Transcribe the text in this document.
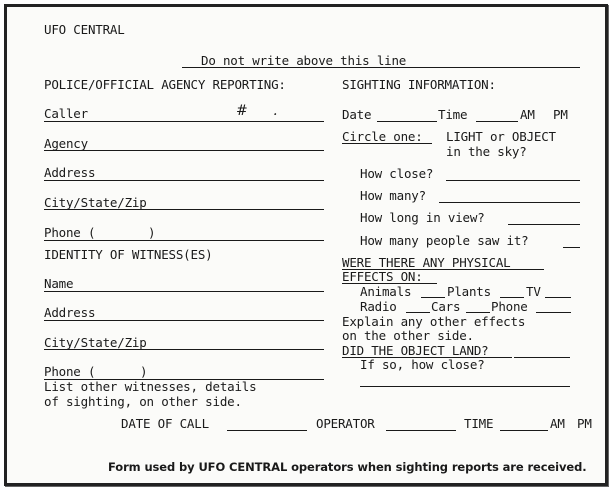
UFO CENTRAL
Do not write above this line
POLICE/OFFICIAL AGENCY REPORTING:	SIGHTING INFORMATION:
Caller	# .
Agency
Address
City/State/Zip
Phone (	)
IDENTITY OF WITNESS(ES)
Name
Address
City/State/Zip
Phone (	)
List other witnesses, details
of sighting, on other side.
Date	Time	AM PM
Circle one: LIGHT or OBJECT
in the sky?
How close?
How many?
How long in view?
How many people saw it?
WERE THERE ANY PHYSICAL
EFFECTS ON:
Animals	Plants	TV
Radio	Cars Phone
Explain any other effects
on the other side.
DID THE OBJECT LAND?
If so, how close?
DATE OF CALL	OPERATOR	TIME	AM PM
Form used by UFO CENTRAL operators when sighting reports are received.
